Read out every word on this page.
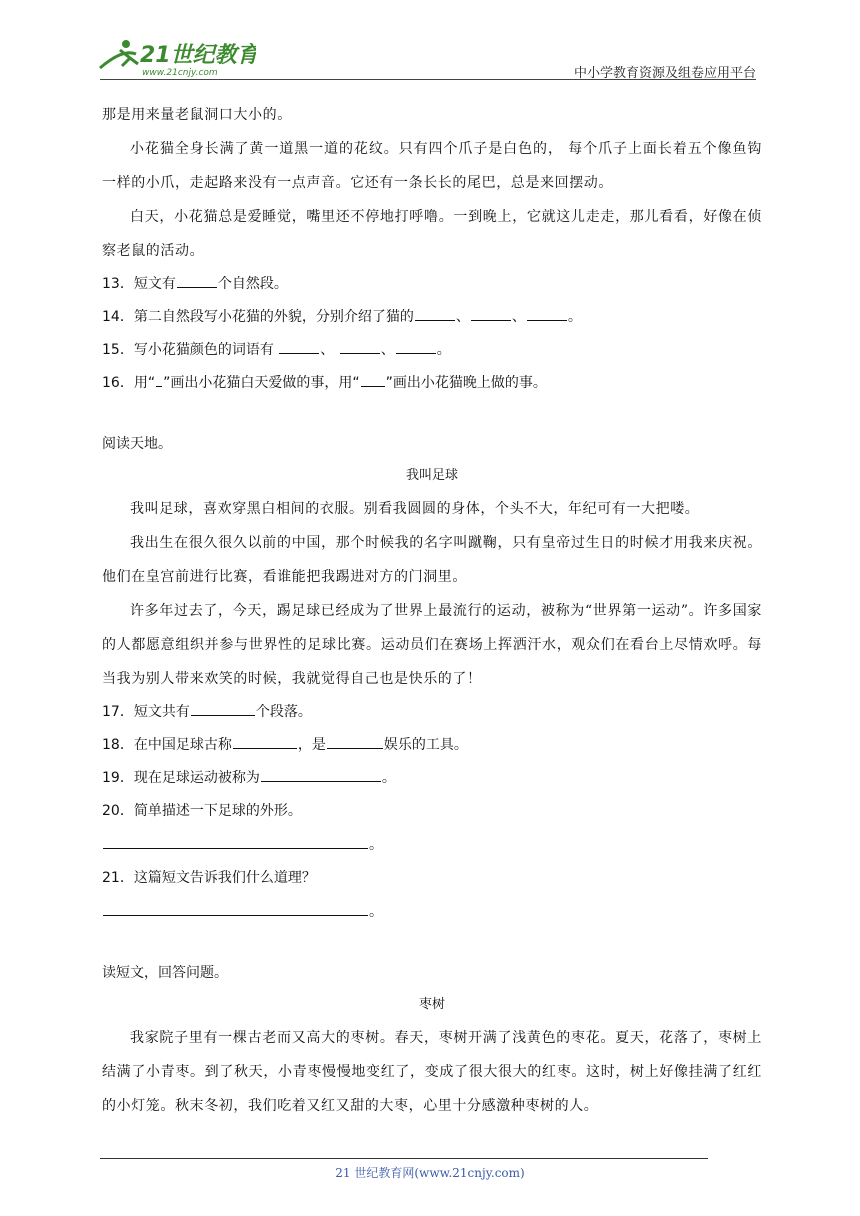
21世纪教育
www.21cnjy.com	中小学教育资源及组卷应用平台
那是用来量老鼠洞口大小的。
小花猫全身长满了黄一道黑一道的花纹。只有四个爪子是白色的， 每个爪子上面长着五个像鱼钩一样的小爪，走起路来没有一点声音。它还有一条长长的尾巴，总是来回摆动。
白天，小花猫总是爱睡觉，嘴里还不停地打呼噜。一到晚上，它就这儿走走，那儿看看，好像在侦察老鼠的活动。
13．短文有	个自然段。
14．第二自然段写小花猫的外貌，分别介绍了猫的	、	、	。
15．写小花猫颜色的词语有	、	、	。
16．用“ ”画出小花猫白天爱做的事，用“ ”画出小花猫晚上做的事。
阅读天地。
我叫足球
我叫足球，喜欢穿黑白相间的衣服。别看我圆圆的身体，个头不大，年纪可有一大把喽。
我出生在很久很久以前的中国，那个时候我的名字叫蹴鞠，只有皇帝过生日的时候才用我来庆祝。他们在皇宫前进行比赛，看谁能把我踢进对方的门洞里。
许多年过去了，今天，踢足球已经成为了世界上最流行的运动，被称为“世界第一运动”。许多国家的人都愿意组织并参与世界性的足球比赛。运动员们在赛场上挥洒汗水，观众们在看台上尽情欢呼。每当我为别人带来欢笑的时候，我就觉得自己也是快乐的了！
17．短文共有	个段落。
18．在中国足球古称	，是	娱乐的工具。
19．现在足球运动被称为	。
20．简单描述一下足球的外形。
。
21．这篇短文告诉我们什么道理？
。
读短文，回答问题。
枣树
我家院子里有一棵古老而又高大的枣树。春天，枣树开满了浅黄色的枣花。夏天，花落了，枣树上结满了小青枣。到了秋天，小青枣慢慢地变红了，变成了很大很大的红枣。这时，树上好像挂满了红红的小灯笼。秋末冬初，我们吃着又红又甜的大枣，心里十分感激种枣树的人。
21 世纪教育网(www.21cnjy.com)
